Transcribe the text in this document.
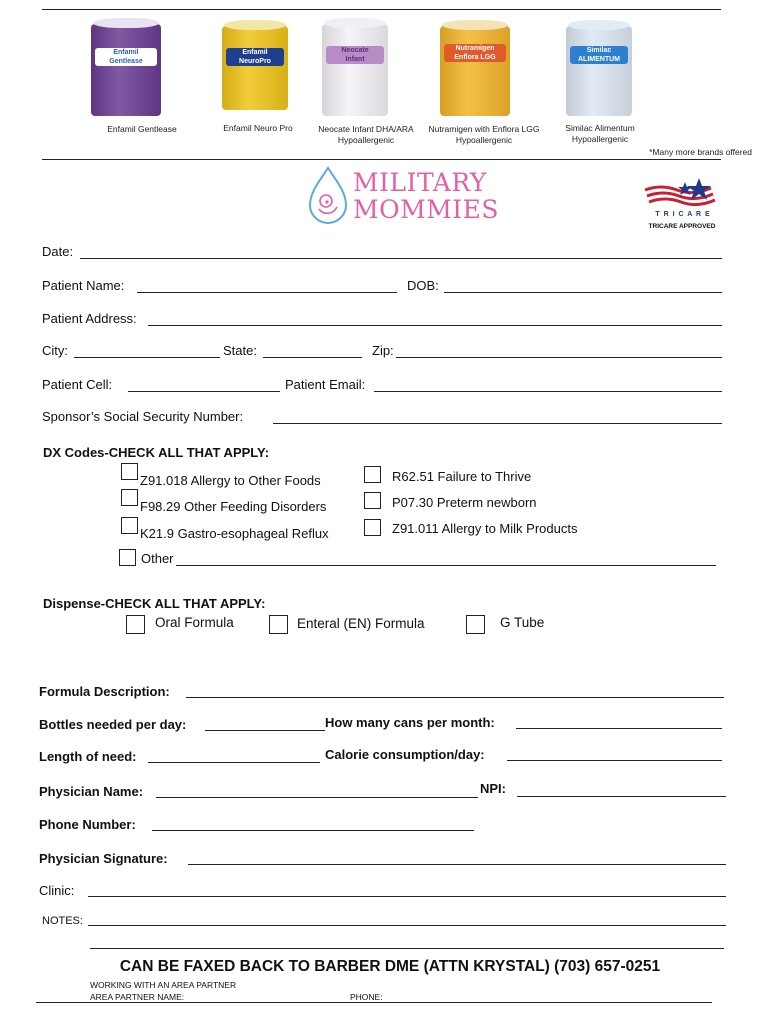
Enfamil
Gentlease
Enfamil
NeuroPro
Neocate
Infant
Nutramigen
Enflora LGG
Similac
ALIMENTUM
Enfamil Gentlease	Enfamil Neuro Pro	Neocate Infant DHA/ARA Hypoallergenic
Nutramigen with Enflora LGG Hypoallergenic
Similac Alimentum Hypoallergenic
*Many more brands offered
MILITARY
MOMMIES	T R I C A R E
TRICARE APPROVED
Date:
Patient Name:	DOB:
Patient Address:
City:	State:	Zip:
Patient Cell:	Patient Email:
Sponsor’s Social Security Number:
DX Codes-CHECK ALL THAT APPLY:
Z91.018 Allergy to Other Foods
F98.29 Other Feeding Disorders
K21.9 Gastro-esophageal Reflux
R62.51 Failure to Thrive
P07.30 Preterm newborn
Z91.011 Allergy to Milk Products
Other
Dispense-CHECK ALL THAT APPLY:
Oral Formula	Enteral (EN) Formula	G Tube
Formula Description:
Bottles needed per day:	How many cans per month:
Length of need:	Calorie consumption/day:
Physician Name:	NPI:
Phone Number:
Physician Signature:
Clinic:
NOTES:
CAN BE FAXED BACK TO BARBER DME (ATTN KRYSTAL) (703) 657-0251
WORKING WITH AN AREA PARTNER
AREA PARTNER NAME:	PHONE:
